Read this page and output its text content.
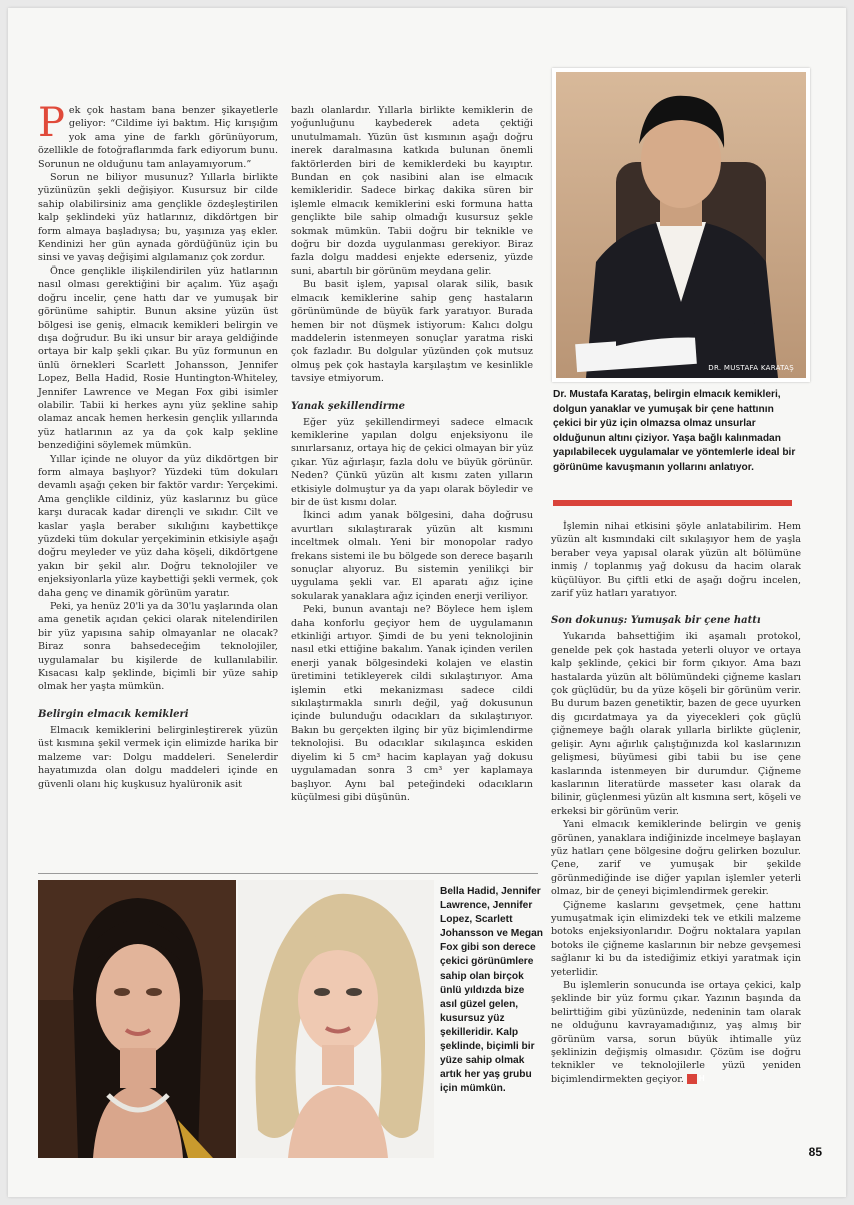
Pek çok hastam bana benzer şikayetlerle geliyor: “Cildime iyi baktım. Hiç kırışığım yok ama yine de farklı görünüyorum, özellikle de fotoğraflarımda fark ediyorum bunu. Sorunun ne olduğunu tam anlayamıyorum.”

Sorun ne biliyor musunuz? Yıllarla birlikte yüzünüzün şekli değişiyor. Kusursuz bir cilde sahip olabilirsiniz ama gençlikle özdeşleştirilen kalp şeklindeki yüz hatlarınız, dikdörtgen bir form almaya başladıysa; bu, yaşınıza yaş ekler. Kendinizi her gün aynada gördüğünüz için bu sinsi ve yavaş değişimi algılamanız çok zordur.

Önce gençlikle ilişkilendirilen yüz hatlarının nasıl olması gerektiğini bir açalım. Yüz aşağı doğru incelir, çene hattı dar ve yumuşak bir görünüme sahiptir. Bunun aksine yüzün üst bölgesi ise geniş, elmacık kemikleri belirgin ve dışa doğrudur. Bu iki unsur bir araya geldiğinde ortaya bir kalp şekli çıkar. Bu yüz formunun en ünlü örnekleri Scarlett Johansson, Jennifer Lopez, Bella Hadid, Rosie Huntington-Whiteley, Jennifer Lawrence ve Megan Fox gibi isimler olabilir. Tabii ki herkes aynı yüz şekline sahip olamaz ancak hemen herkesin gençlik yıllarında yüz hatlarının az ya da çok kalp şekline benzediğini söylemek mümkün.

Yıllar içinde ne oluyor da yüz dikdörtgen bir form almaya başlıyor? Yüzdeki tüm dokuları devamlı aşağı çeken bir faktör vardır: Yerçekimi. Ama gençlikle cildiniz, yüz kaslarınız bu güce karşı duracak kadar dirençli ve sıkıdır. Cilt ve kaslar yaşla beraber sıkılığını kaybettikçe yüzdeki tüm dokular yerçekiminin etkisiyle aşağı doğru meyleder ve yüz daha köşeli, dikdörtgene yakın bir şekil alır. Doğru teknolojiler ve enjeksiyonlarla yüze kaybettiği şekli vermek, çok daha genç ve dinamik görünüm yaratır.

Peki, ya henüz 20'li ya da 30'lu yaşlarında olan ama genetik açıdan çekici olarak nitelendirilen bir yüz yapısına sahip olmayanlar ne olacak? Biraz sonra bahsedeceğim teknolojiler, uygulamalar bu kişilerde de kullanılabilir. Kısacası kalp şeklinde, biçimli bir yüze sahip olmak her yaşta mümkün.

Belirgin elmacık kemikleri

Elmacık kemiklerini belirginleştirerek yüzün üst kısmına şekil vermek için elimizde harika bir malzeme var: Dolgu maddeleri. Senelerdir hayatımızda olan dolgu maddeleri içinde en güvenli olanı hiç kuşkusuz hyalüronik asit

bazlı olanlardır. Yıllarla birlikte kemiklerin de yoğunluğunu kaybederek adeta çektiği unutulmamalı. Yüzün üst kısmının aşağı doğru inerek daralmasına katkıda bulunan önemli faktörlerden biri de kemiklerdeki bu kayıptır. Bundan en çok nasibini alan ise elmacık kemikleridir. Sadece birkaç dakika süren bir işlemle elmacık kemiklerini eski formuna hatta gençlikte bile sahip olmadığı kusursuz şekle sokmak mümkün. Tabii doğru bir teknikle ve doğru bir dozda uygulanması gerekiyor. Biraz fazla dolgu maddesi enjekte ederseniz, yüzde suni, abartılı bir görünüm meydana gelir.

Bu basit işlem, yapısal olarak silik, basık elmacık kemiklerine sahip genç hastaların görünümünde de büyük fark yaratıyor. Burada hemen bir not düşmek istiyorum: Kalıcı dolgu maddelerin istenmeyen sonuçlar yaratma riski çok fazladır. Bu dolgular yüzünden çok mutsuz olmuş pek çok hastayla karşılaştım ve kesinlikle tavsiye etmiyorum.

Yanak şekillendirme

Eğer yüz şekillendirmeyi sadece elmacık kemiklerine yapılan dolgu enjeksiyonu ile sınırlarsanız, ortaya hiç de çekici olmayan bir yüz çıkar. Yüz ağırlaşır, fazla dolu ve büyük görünür. Neden? Çünkü yüzün alt kısmı zaten yılların etkisiyle dolmuştur ya da yapı olarak böyledir ve bir de üst kısmı dolar.

İkinci adım yanak bölgesini, daha doğrusu avurtları sıkılaştırarak yüzün alt kısmını inceltmek olmalı. Yeni bir monopolar radyo frekans sistemi ile bu bölgede son derece başarılı sonuçlar alıyoruz. Bu sistemin yenilikçi bir uygulama şekli var. El aparatı ağız içine sokularak yanaklara ağız içinden enerji veriliyor.

Peki, bunun avantajı ne? Böylece hem işlem daha konforlu geçiyor hem de uygulamanın etkinliği artıyor. Şimdi de bu yeni teknolojinin nasıl etki ettiğine bakalım. Yanak içinden verilen enerji yanak bölgesindeki kolajen ve elastin üretimini tetikleyerek cildi sıkılaştırıyor. Ama işlemin etki mekanizması sadece cildi sıkılaştırmakla sınırlı değil, yağ dokusunun içinde bulunduğu odacıkları da sıkılaştırıyor. Bakın bu gerçekten ilginç bir yüz biçimlendirme teknolojisi. Bu odacıklar sıkılaşınca eskiden diyelim ki 5 cm³ hacim kaplayan yağ dokusu uygulamadan sonra 3 cm³ yer kaplamaya başlıyor. Aynı bal peteğindeki odacıkların küçülmesi gibi düşünün.

DR. MUSTAFA KARATAŞ
Dr. Mustafa Karataş, belirgin elmacık kemikleri, dolgun yanaklar ve yumuşak bir çene hattının çekici bir yüz için olmazsa olmaz unsurlar olduğunun altını çiziyor. Yaşa bağlı kalınmadan yapılabilecek uygulamalar ve yöntemlerle ideal bir görünüme kavuşmanın yollarını anlatıyor.

İşlemin nihai etkisini şöyle anlatabilirim. Hem yüzün alt kısmındaki cilt sıkılaşıyor hem de yaşla beraber veya yapısal olarak yüzün alt bölümüne inmiş / toplanmış yağ dokusu da hacim olarak küçülüyor. Bu çiftli etki de aşağı doğru incelen, zarif yüz hatları yaratıyor.

Son dokunuş: Yumuşak bir çene hattı

Yukarıda bahsettiğim iki aşamalı protokol, genelde pek çok hastada yeterli oluyor ve ortaya kalp şeklinde, çekici bir form çıkıyor. Ama bazı hastalarda yüzün alt bölümündeki çiğneme kasları çok güçlüdür, bu da yüze köşeli bir görünüm verir. Bu durum bazen genetiktir, bazen de gece uyurken diş gıcırdatmaya ya da yiyecekleri çok güçlü çiğnemeye bağlı olarak yıllarla birlikte güçlenir, gelişir. Aynı ağırlık çalıştığınızda kol kaslarınızın gelişmesi, büyümesi gibi tabii bu ise çene kaslarında istenmeyen bir durumdur. Çiğneme kaslarının literatürde masseter kası olarak da bilinir, güçlenmesi yüzün alt kısmına sert, köşeli ve erkeksi bir görünüm verir.

Yani elmacık kemiklerinde belirgin ve geniş görünen, yanaklara indiğinizde incelmeye başlayan yüz hatları çene bölgesine doğru gelirken bozulur. Çene, zarif ve yumuşak bir şekilde görünmediğinde ise diğer yapılan işlemler yeterli olmaz, bir de çeneyi biçimlendirmek gerekir.

Çiğneme kaslarını gevşetmek, çene hattını yumuşatmak için elimizdeki tek ve etkili malzeme botoks enjeksiyonlarıdır. Doğru noktalara yapılan botoks ile çiğneme kaslarının bir nebze gevşemesi sağlanır ki bu da istediğimiz etkiyi yaratmak için yeterlidir.

Bu işlemlerin sonucunda ise ortaya çekici, kalp şeklinde bir yüz formu çıkar. Yazının başında da belirttiğim gibi yüzünüzde, nedeninin tam olarak ne olduğunu kavrayamadığınız, yaş almış bir görünüm varsa, sorun büyük ihtimalle yüz şeklinizin değişmiş olmasıdır. Çözüm ise doğru teknikler ve teknolojilerle yüzü yeniden biçimlendirmekten geçiyor. H

Bella Hadid, Jennifer Lawrence, Jennifer Lopez, Scarlett Johansson ve Megan Fox gibi son derece çekici görünümlere sahip olan birçok ünlü yıldızda bize asıl güzel gelen, kusursuz yüz şekilleridir. Kalp şeklinde, biçimli bir yüze sahip olmak artık her yaş grubu için mümkün.
85
